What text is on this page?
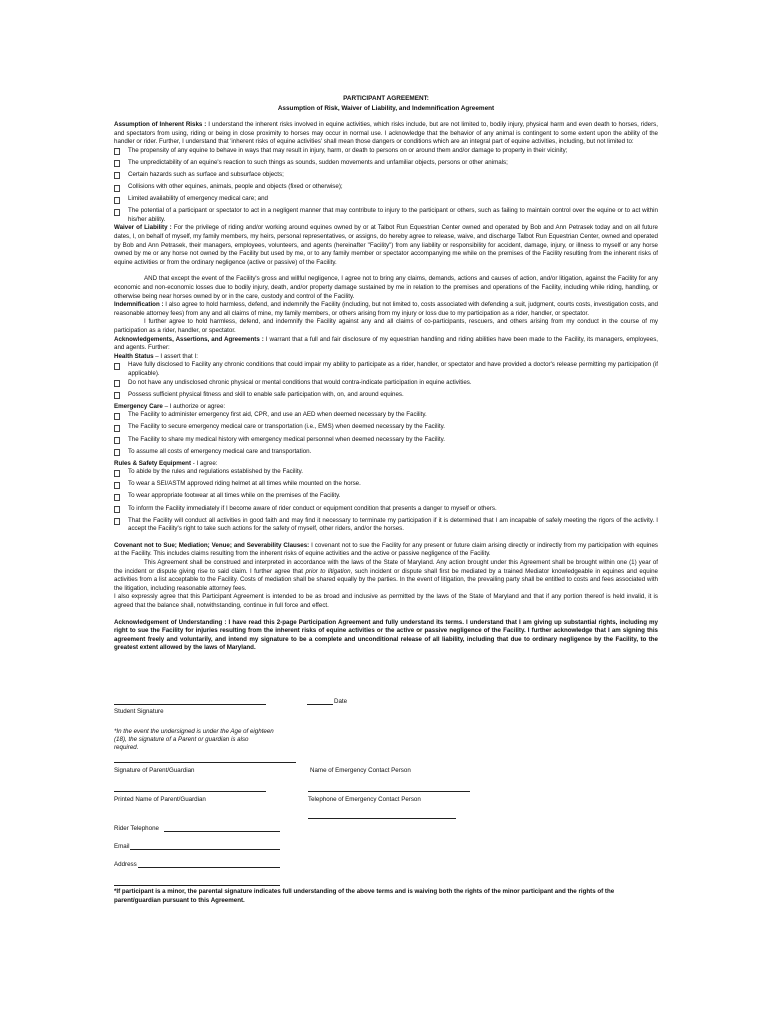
PARTICIPANT AGREEMENT:
Assumption of Risk, Waiver of Liability, and Indemnification Agreement

Assumption of Inherent Risks : I understand the inherent risks involved in equine activities, which risks include, but are not limited to, bodily injury, physical harm and even death to horses, riders, and spectators from using, riding or being in close proximity to horses may occur in normal use. I acknowledge that the behavior of any animal is contingent to some extent upon the ability of the handler or rider. Further, I understand that 'inherent risks of equine activities' shall mean those dangers or conditions which are an integral part of equine activities, including, but not limited to:

The propensity of any equine to behave in ways that may result in injury, harm, or death to persons on or around them and/or damage to property in their vicinity;
The unpredictability of an equine's reaction to such things as sounds, sudden movements and unfamiliar objects, persons or other animals;
Certain hazards such as surface and subsurface objects;
Collisions with other equines, animals, people and objects (fixed or otherwise);
Limited availability of emergency medical care; and
The potential of a participant or spectator to act in a negligent manner that may contribute to injury to the participant or others, such as failing to maintain control over the equine or to act within his/her ability.

Waiver of Liability : For the privilege of riding and/or working around equines owned by or at Talbot Run Equestrian Center owned and operated by Bob and Ann Petrasek today and on all future dates, I, on behalf of myself, my family members, my heirs, personal representatives, or assigns, do hereby agree to release, waive, and discharge Talbot Run Equestrian Center, owned and operated by Bob and Ann Petrasek, their managers, employees, volunteers, and agents (hereinafter "Facility") from any liability or responsibility for accident, damage, injury, or illness to myself or any horse owned by me or any horse not owned by the Facility but used by me, or to any family member or spectator accompanying me while on the premises of the Facility resulting from the inherent risks of equine activities or from the ordinary negligence (active or passive) of the Facility.

AND that except the event of the Facility's gross and willful negligence, I agree not to bring any claims, demands, actions and causes of action, and/or litigation, against the Facility for any economic and non-economic losses due to bodily injury, death, and/or property damage sustained by me in relation to the premises and operations of the Facility, including while riding, handling, or otherwise being near horses owned by or in the care, custody and control of the Facility.

Indemnification : I also agree to hold harmless, defend, and indemnify the Facility (including, but not limited to, costs associated with defending a suit, judgment, courts costs, investigation costs, and reasonable attorney fees) from any and all claims of mine, my family members, or others arising from my injury or loss due to my participation as a rider, handler, or spectator.

I further agree to hold harmless, defend, and indemnify the Facility against any and all claims of co-participants, rescuers, and others arising from my conduct in the course of my participation as a rider, handler, or spectator.

Acknowledgements, Assertions, and Agreements : I warrant that a full and fair disclosure of my equestrian handling and riding abilities have been made to the Facility, its managers, employees, and agents. Further:

Health Status – I assert that I:

Have fully disclosed to Facility any chronic conditions that could impair my ability to participate as a rider, handler, or spectator and have provided a doctor's release permitting my participation (if applicable).
Do not have any undisclosed chronic physical or mental conditions that would contra-indicate participation in equine activities.
Possess sufficient physical fitness and skill to enable safe participation with, on, and around equines.

Emergency Care – I authorize or agree:

The Facility to administer emergency first aid, CPR, and use an AED when deemed necessary by the Facility.
The Facility to secure emergency medical care or transportation (i.e., EMS) when deemed necessary by the Facility.
The Facility to share my medical history with emergency medical personnel when deemed necessary by the Facility.
To assume all costs of emergency medical care and transportation.

Rules & Safety Equipment - I agree:

To abide by the rules and regulations established by the Facility.
To wear a SEI/ASTM approved riding helmet at all times while mounted on the horse.
To wear appropriate footwear at all times while on the premises of the Facility.
To inform the Facility immediately if I become aware of rider conduct or equipment condition that presents a danger to myself or others.
That the Facility will conduct all activities in good faith and may find it necessary to terminate my participation if it is determined that I am incapable of safely meeting the rigors of the activity. I accept the Facility's right to take such actions for the safety of myself, other riders, and/or the horses.

Covenant not to Sue; Mediation; Venue; and Severability Clauses: I covenant not to sue the Facility for any present or future claim arising directly or indirectly from my participation with equines at the Facility. This includes claims resulting from the inherent risks of equine activities and the active or passive negligence of the Facility.

This Agreement shall be construed and interpreted in accordance with the laws of the State of Maryland. Any action brought under this Agreement shall be brought within one (1) year of the incident or dispute giving rise to said claim. I further agree that prior to litigation, such incident or dispute shall first be mediated by a trained Mediator knowledgeable in equines and equine activities from a list acceptable to the Facility. Costs of mediation shall be shared equally by the parties. In the event of litigation, the prevailing party shall be entitled to costs and fees associated with the litigation, including reasonable attorney fees.

I also expressly agree that this Participant Agreement is intended to be as broad and inclusive as permitted by the laws of the State of Maryland and that if any portion thereof is held invalid, it is agreed that the balance shall, notwithstanding, continue in full force and effect.

Acknowledgement of Understanding : I have read this 2-page Participation Agreement and fully understand its terms. I understand that I am giving up substantial rights, including my right to sue the Facility for injuries resulting from the inherent risks of equine activities or the active or passive negligence of the Facility. I further acknowledge that I am signing this agreement freely and voluntarily, and intend my signature to be a complete and unconditional release of all liability, including that due to ordinary negligence by the Facility, to the greatest extent allowed by the laws of Maryland.

Date
Student Signature
*In the event the undersigned is under the Age of eighteen (18), the signature of a Parent or guardian is also required.
Signature of Parent/Guardian	Name of Emergency Contact Person
Printed Name of Parent/Guardian	Telephone of Emergency Contact Person
Rider Telephone
Email
Address
*If participant is a minor, the parental signature indicates full understanding of the above terms and is waiving both the rights of the minor participant and the rights of the parent/guardian pursuant to this Agreement.
